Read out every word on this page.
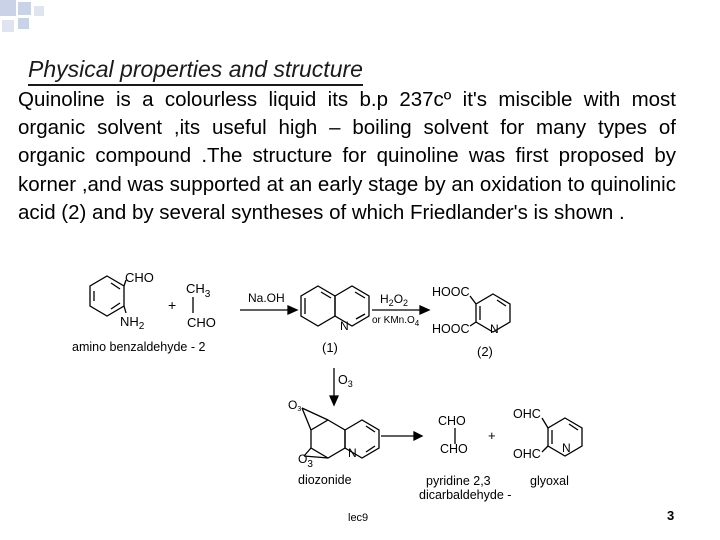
Physical properties and structure
Quinoline is a colourless liquid its b.p 237cº it's miscible with most organic solvent ,its useful high – boiling solvent for many types of organic compound .The structure for quinoline was first proposed by korner ,and was supported at an early stage by an oxidation to quinolinic acid (2) and by several syntheses of which Friedlander's is shown .
CHO
$NH_2$
+
$CH_3$
CHO
amino benzaldehyde - 2
Na.OH
N
(1)
$H_2O_2$
or $KMn.O_4$
HOOC
HOOC N
(2)
$O_3$
O3
$O_3$
N
diozonide
CHO
CHO
+
OHC
OHC N
pyridine 2,3
dicarbaldehyde -
glyoxal
lec9	3
